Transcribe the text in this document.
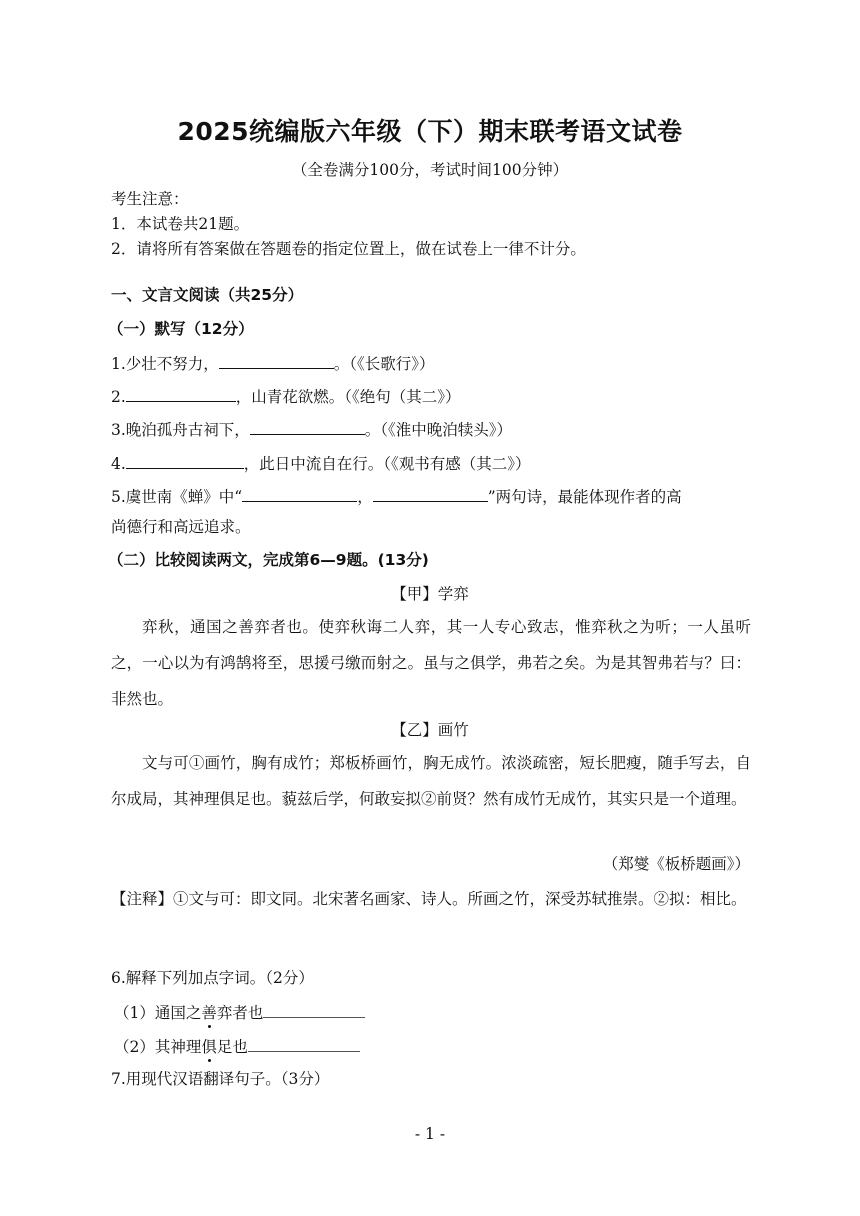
2025统编版六年级（下）期末联考语文试卷
（全卷满分100分，考试时间100分钟）
考生注意：
1．本试卷共21题。
2．请将所有答案做在答题卷的指定位置上，做在试卷上一律不计分。
一、文言文阅读（共25分）
（一）默写（12分）
1.少壮不努力，	。（《长歌行》）
2.	，山青花欲燃。（《绝句（其二》）
3.晚泊孤舟古祠下，	。（《淮中晚泊犊头》）
4.	，此日中流自在行。（《观书有感（其二》）
5.虞世南《蝉》中“	，	”两句诗，最能体现作者的高
尚德行和高远追求。
（二）比较阅读两文，完成第6—9题。(13分)
【甲】学弈
弈秋，通国之善弈者也。使弈秋诲二人弈，其一人专心致志，惟弈秋之为听；一人虽听之，一心以为有鸿鹄将至，思援弓缴而射之。虽与之俱学，弗若之矣。为是其智弗若与？曰：非然也。
【乙】画竹
文与可①画竹，胸有成竹；郑板桥画竹，胸无成竹。浓淡疏密，短长肥瘦，随手写去，自尔成局，其神理俱足也。藐兹后学，何敢妄拟②前贤？然有成竹无成竹，其实只是一个道理。
（郑燮《板桥题画》）
【注释】①文与可：即文同。北宋著名画家、诗人。所画之竹，深受苏轼推崇。②拟：相比。
6.解释下列加点字词。（2分）
（1）通国之善弈者也
（2）其神理俱足也
7.用现代汉语翻译句子。（3分）
- 1 -
